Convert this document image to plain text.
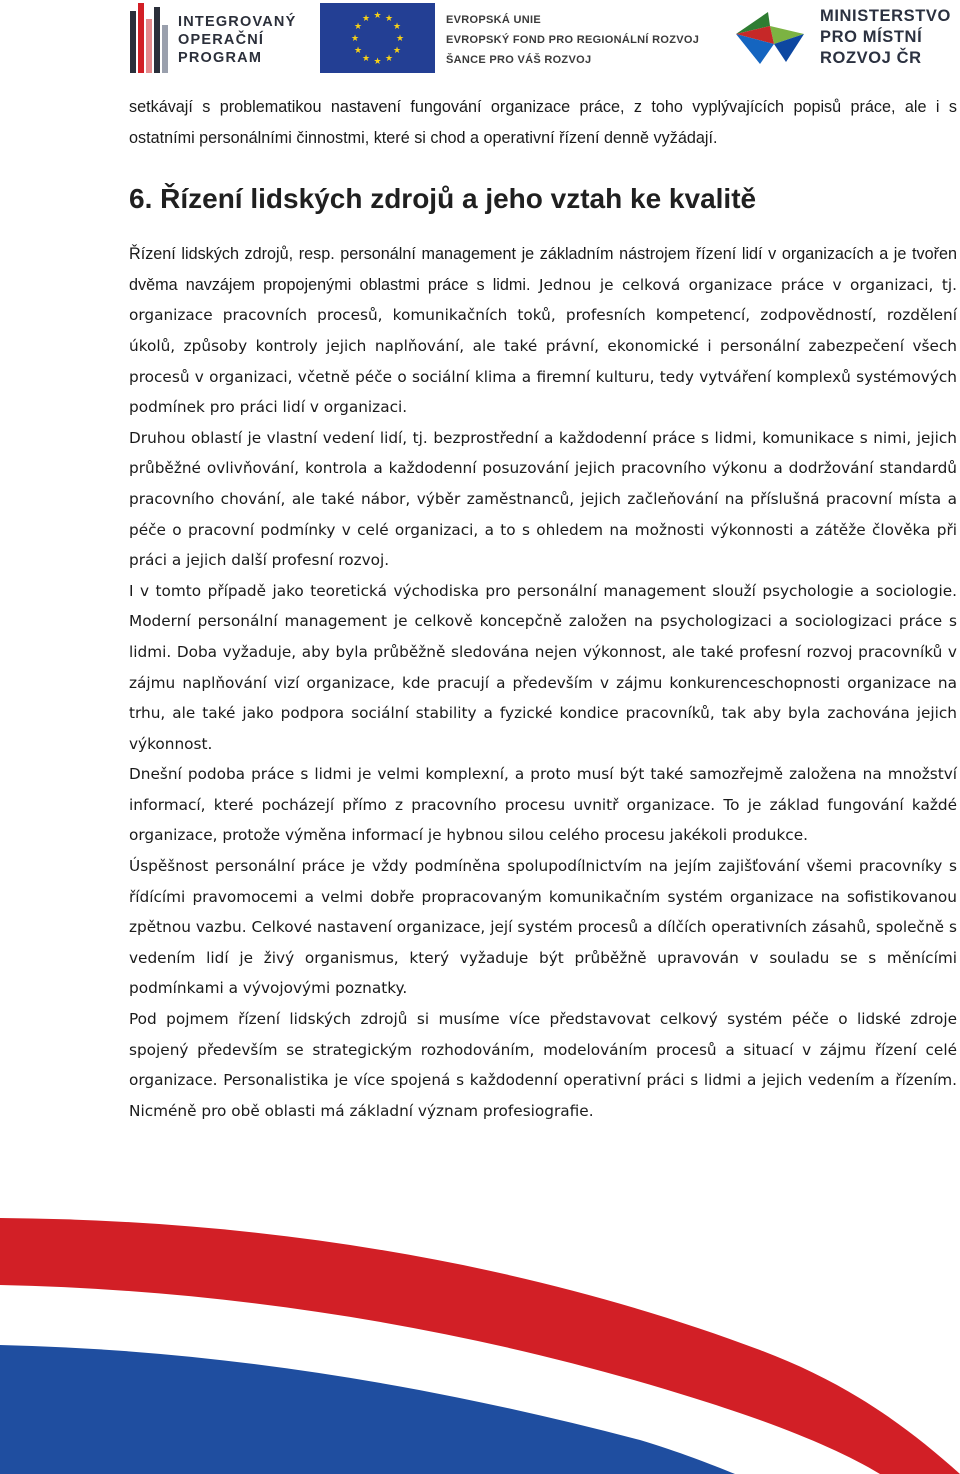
INTEGROVANÝ
OPERAČNÍ
PROGRAM
★ ★
★
★
★
★
★
★
★
★
★
★	EVROPSKÁ UNIE
EVROPSKÝ FOND PRO REGIONÁLNÍ ROZVOJ
ŠANCE PRO VÁŠ ROZVOJ
MINISTERSTVO
PRO MÍSTNÍ
ROZVOJ ČR

setkávají s problematikou nastavení fungování organizace práce, z toho vyplývajících popisů práce, ale i s ostatními personálními činnostmi, které si chod a operativní řízení denně vyžádají.

6. Řízení lidských zdrojů a jeho vztah ke kvalitě

Řízení lidských zdrojů, resp. personální management je základním nástrojem řízení lidí v organizacích a je tvořen dvěma navzájem propojenými oblastmi práce s lidmi. Jednou je celková organizace práce v organizaci, tj. organizace pracovních procesů, komunikačních toků, profesních kompetencí, zodpovědností, rozdělení úkolů, způsoby kontroly jejich naplňování, ale také právní, ekonomické i personální zabezpečení všech procesů v organizaci, včetně péče o sociální klima a firemní kulturu, tedy vytváření komplexů systémových podmínek pro práci lidí v organizaci.

Druhou oblastí je vlastní vedení lidí, tj. bezprostřední a každodenní práce s lidmi, komunikace s nimi, jejich průběžné ovlivňování, kontrola a každodenní posuzování jejich pracovního výkonu a dodržování standardů pracovního chování, ale také nábor, výběr zaměstnanců, jejich začleňování na příslušná pracovní místa a péče o pracovní podmínky v celé organizaci, a to s ohledem na možnosti výkonnosti a zátěže člověka při práci a jejich další profesní rozvoj.

I v tomto případě jako teoretická východiska pro personální management slouží psychologie a sociologie. Moderní personální management je celkově koncepčně založen na psychologizaci a sociologizaci práce s lidmi. Doba vyžaduje, aby byla průběžně sledována nejen výkonnost, ale také profesní rozvoj pracovníků v zájmu naplňování vizí organizace, kde pracují a především v zájmu konkurenceschopnosti organizace na trhu, ale také jako podpora sociální stability a fyzické kondice pracovníků, tak aby byla zachována jejich výkonnost.

Dnešní podoba práce s lidmi je velmi komplexní, a proto musí být také samozřejmě založena na množství informací, které pocházejí přímo z pracovního procesu uvnitř organizace. To je základ fungování každé organizace, protože výměna informací je hybnou silou celého procesu jakékoli produkce.

Úspěšnost personální práce je vždy podmíněna spolupodílnictvím na jejím zajišťování všemi pracovníky s řídícími pravomocemi a velmi dobře propracovaným komunikačním systém organizace na sofistikovanou zpětnou vazbu. Celkové nastavení organizace, její systém procesů a dílčích operativních zásahů, společně s vedením lidí je živý organismus, který vyžaduje být průběžně upravován v souladu se s měnícími podmínkami a vývojovými poznatky.

Pod pojmem řízení lidských zdrojů si musíme více představovat celkový systém péče o lidské zdroje spojený především se strategickým rozhodováním, modelováním procesů a situací v zájmu řízení celé organizace. Personalistika je více spojená s každodenní operativní práci s lidmi a jejich vedením a řízením. Nicméně pro obě oblasti má základní význam profesiografie.
